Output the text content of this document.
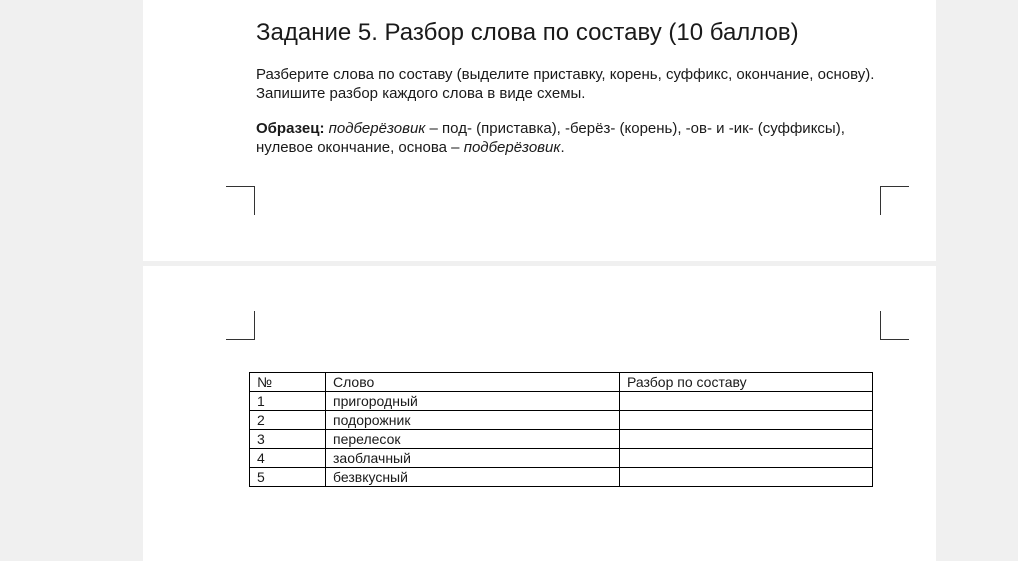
Задание 5. Разбор слова по составу (10 баллов)

Разберите слова по составу (выделите приставку, корень, суффикс, окончание, основу). Запишите разбор каждого слова в виде схемы.

Образец: подберёзовик – под- (приставка), -берёз- (корень), -ов- и -ик- (суффиксы), нулевое окончание, основа – подберёзовик.

№	Слово	Разбор по составу
1	пригородный	
2	подорожник	
3	перелесок	
4	заоблачный	
5	безвкусный	
